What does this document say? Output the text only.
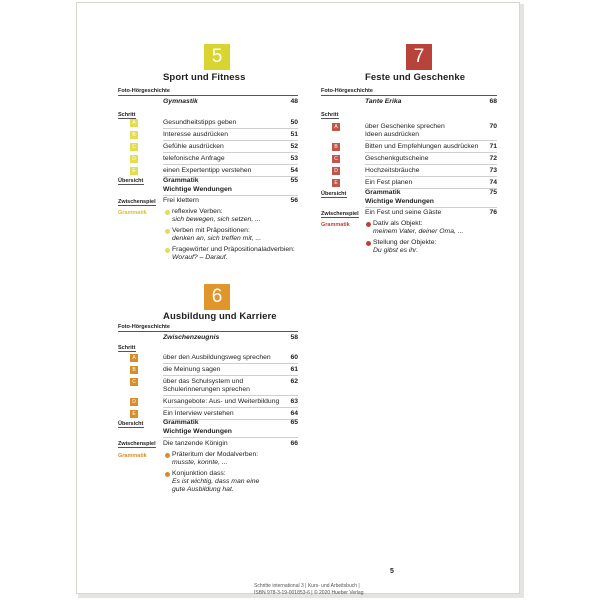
5
Sport und Fitness
Foto-Hörgeschichte
Gymnastik	48
Schritt
A	Gesundheitstipps geben	50
B	Interesse ausdrücken	51
C	Gefühle ausdrücken	52
D	telefonische Anfrage	53
E	einen Expertentipp verstehen	54
Übersicht	Grammatik	55
Wichtige Wendungen
Zwischenspiel Frei klettern	56
Grammatik	reflexive Verben:
sich bewegen, sich setzen, ...
Verben mit Präpositionen:
denken an, sich treffen mit, ...
Fragewörter und Präpositionaladverbien:
Worauf? – Darauf.
7
Feste und Geschenke
Foto-Hörgeschichte
Tante Erika	68
Schritt
A	über Geschenke sprechen	70
Ideen ausdrücken
B	Bitten und Empfehlungen ausdrücken 71
C	Geschenkgutscheine	72
D	Hochzeitsbräuche	73
E	Ein Fest planen	74
Übersicht	Grammatik	75
Wichtige Wendungen
Zwischenspiel Ein Fest und seine Gäste	76
Grammatik	Dativ als Objekt:
meinem Vater, deiner Oma, ...
Stellung der Objekte:
Du gibst es ihr.
6
Ausbildung und Karriere
Foto-Hörgeschichte
Zwischenzeugnis	58
Schritt
A	über den Ausbildungsweg sprechen	60
B	die Meinung sagen	61
C	über das Schulsystem und	62
Schulerinnerungen sprechen
D	Kursangebote: Aus- und Weiterbildung 63
E	Ein Interview verstehen	64
Übersicht	Grammatik	65
Wichtige Wendungen
Zwischenspiel Die tanzende Königin	66
Grammatik	Präteritum der Modalverben:
musste, konnte, ...
Konjunktion dass:
Es ist wichtig, dass man eine
gute Ausbildung hat.
5
Schritte international 3 | Kurs- und Arbeitsbuch |
ISBN 978-3-19-001853-6 | © 2020 Hueber Verlag
